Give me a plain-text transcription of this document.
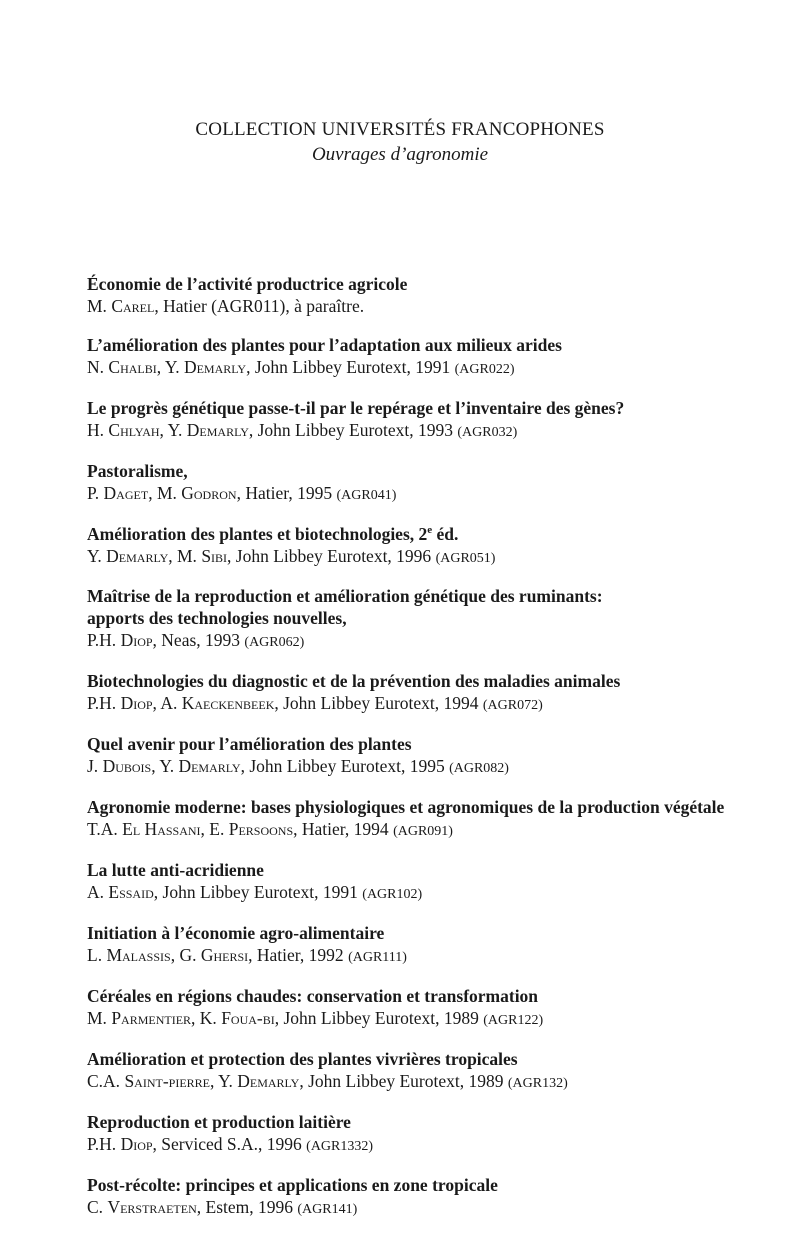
COLLECTION UNIVERSITÉS FRANCOPHONES
Ouvrages d’agronomie
Économie de l’activité productrice agricole
M. Carel, Hatier (AGR011), à paraître.
L’amélioration des plantes pour l’adaptation aux milieux arides
N. Chalbi, Y. Demarly, John Libbey Eurotext, 1991 (AGR022)
Le progrès génétique passe-t-il par le repérage et l’inventaire des gènes?
H. Chlyah, Y. Demarly, John Libbey Eurotext, 1993 (AGR032)
Pastoralisme,
P. Daget, M. Godron, Hatier, 1995 (AGR041)
Amélioration des plantes et biotechnologies, 2e éd.
Y. Demarly, M. Sibi, John Libbey Eurotext, 1996 (AGR051)
Maîtrise de la reproduction et amélioration génétique des ruminants:
apports des technologies nouvelles,
P.H. Diop, Neas, 1993 (AGR062)
Biotechnologies du diagnostic et de la prévention des maladies animales
P.H. Diop, A. Kaeckenbeek, John Libbey Eurotext, 1994 (AGR072)
Quel avenir pour l’amélioration des plantes
J. Dubois, Y. Demarly, John Libbey Eurotext, 1995 (AGR082)
Agronomie moderne: bases physiologiques et agronomiques de la production végétale
T.A. El Hassani, E. Persoons, Hatier, 1994 (AGR091)
La lutte anti-acridienne
A. Essaid, John Libbey Eurotext, 1991 (AGR102)
Initiation à l’économie agro-alimentaire
L. Malassis, G. Ghersi, Hatier, 1992 (AGR111)
Céréales en régions chaudes: conservation et transformation
M. Parmentier, K. Foua-bi, John Libbey Eurotext, 1989 (AGR122)
Amélioration et protection des plantes vivrières tropicales
C.A. Saint-pierre, Y. Demarly, John Libbey Eurotext, 1989 (AGR132)
Reproduction et production laitière
P.H. Diop, Serviced S.A., 1996 (AGR1332)
Post-récolte: principes et applications en zone tropicale
C. Verstraeten, Estem, 1996 (AGR141)
